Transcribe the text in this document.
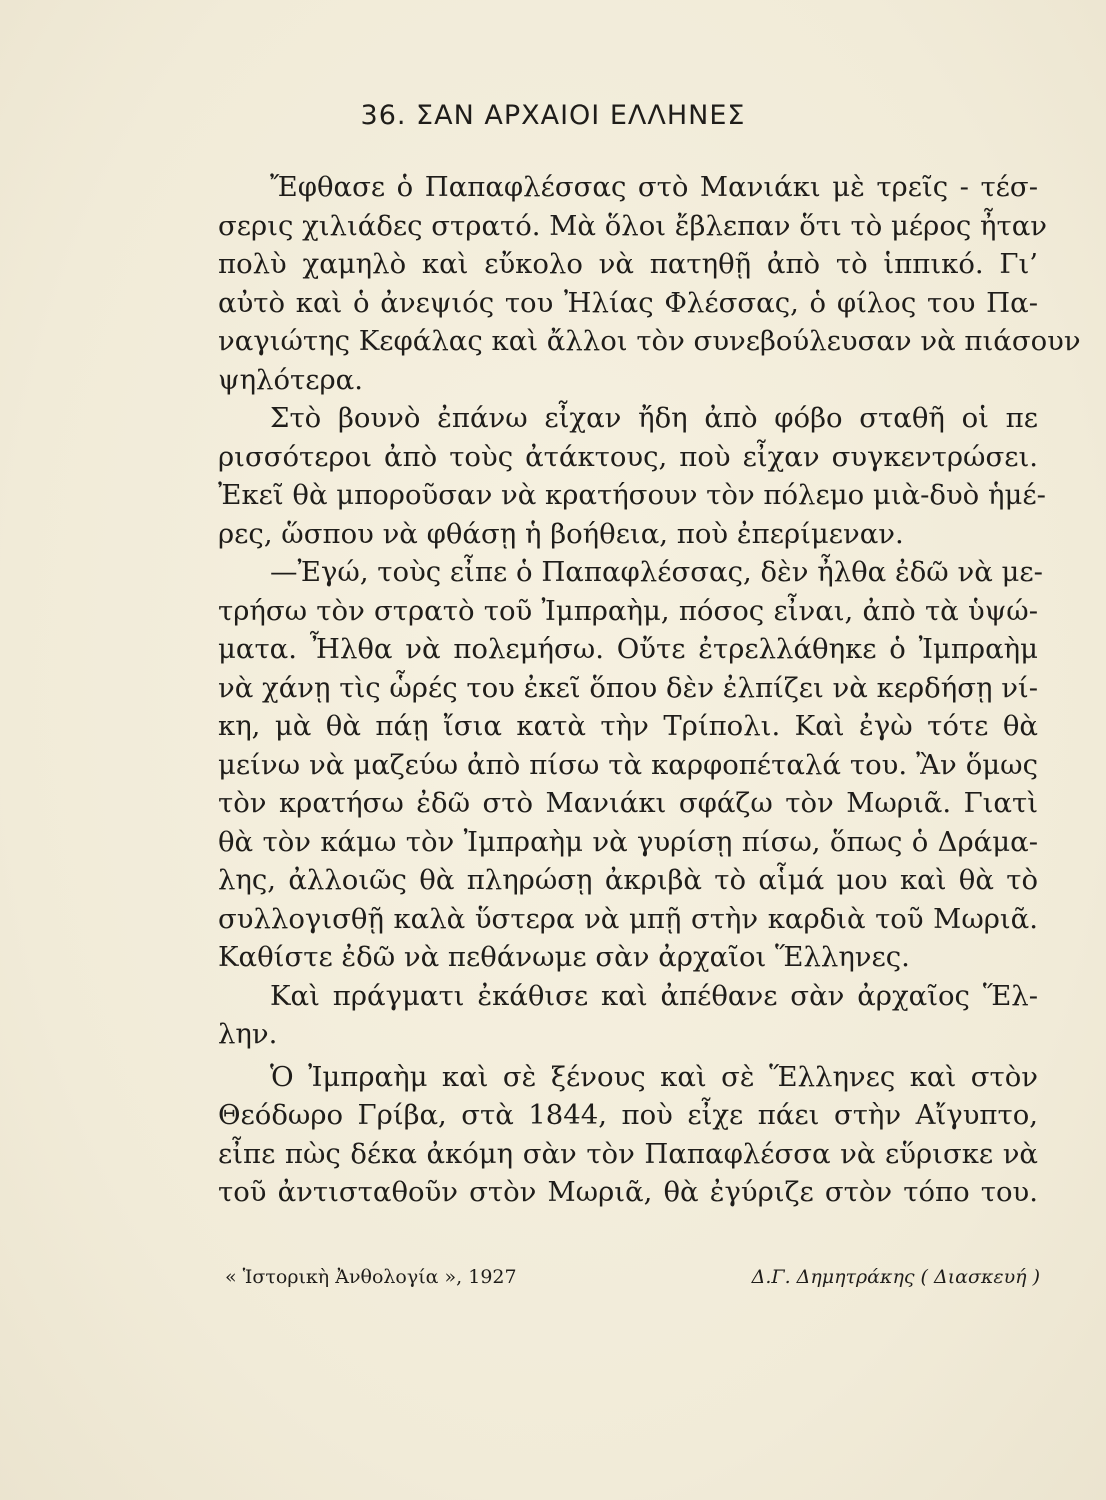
36. ΣΑΝ ΑΡΧΑΙΟΙ ΕΛΛΗΝΕΣ

Ἔφθασε ὁ Παπαφλέσσας στὸ Μανιάκι μὲ τρεῖς - τέσ-
σερις χιλιάδες στρατό. Μὰ ὅλοι ἔβλεπαν ὅτι τὸ μέρος ἦταν
πολὺ χαμηλὸ καὶ εὔκολο νὰ πατηθῇ ἀπὸ τὸ ἱππικό. Γι’
αὐτὸ καὶ ὁ ἀνεψιός του Ἠλίας Φλέσσας, ὁ φίλος του Πα-
ναγιώτης Κεφάλας καὶ ἄλλοι τὸν συνεβούλευσαν νὰ πιάσουν
ψηλότερα.

Στὸ βουνὸ ἐπάνω εἶχαν ἤδη ἀπὸ φόβο σταθῆ οἱ πε
ρισσότεροι ἀπὸ τοὺς ἀτάκτους, ποὺ εἶχαν συγκεντρώσει.
Ἐκεῖ θὰ μποροῦσαν νὰ κρατήσουν τὸν πόλεμο μιὰ-δυὸ ἡμέ-
ρες, ὥσπου νὰ φθάσῃ ἡ βοήθεια, ποὺ ἐπερίμεναν.

—Ἐγώ, τοὺς εἶπε ὁ Παπαφλέσσας, δὲν ἦλθα ἐδῶ νὰ με-
τρήσω τὸν στρατὸ τοῦ Ἰμπραὴμ, πόσος εἶναι, ἀπὸ τὰ ὑψώ-
ματα. Ἦλθα νὰ πολεμήσω. Οὔτε ἐτρελλάθηκε ὁ Ἰμπραὴμ
νὰ χάνῃ τὶς ὧρές του ἐκεῖ ὅπου δὲν ἐλπίζει νὰ κερδήσῃ νί-
κη, μὰ θὰ πάῃ ἴσια κατὰ τὴν Τρίπολι. Καὶ ἐγὼ τότε θὰ
μείνω νὰ μαζεύω ἀπὸ πίσω τὰ καρφοπέταλά του. Ἂν ὅμως
τὸν κρατήσω ἐδῶ στὸ Μανιάκι σφάζω τὸν Μωριᾶ. Γιατὶ
θὰ τὸν κάμω τὸν Ἰμπραὴμ νὰ γυρίσῃ πίσω, ὅπως ὁ Δράμα-
λης, ἀλλοιῶς θὰ πληρώσῃ ἀκριβὰ τὸ αἷμά μου καὶ θὰ τὸ
συλλογισθῇ καλὰ ὕστερα νὰ μπῇ στὴν καρδιὰ τοῦ Μωριᾶ.
Καθίστε ἐδῶ νὰ πεθάνωμε σὰν ἀρχαῖοι Ἕλληνες.

Καὶ πράγματι ἐκάθισε καὶ ἀπέθανε σὰν ἀρχαῖος Ἕλ-
λην.

Ὁ Ἰμπραὴμ καὶ σὲ ξένους καὶ σὲ Ἕλληνες καὶ στὸν
Θεόδωρο Γρίβα, στὰ 1844, ποὺ εἶχε πάει στὴν Αἴγυπτο,
εἶπε πὼς δέκα ἀκόμη σὰν τὸν Παπαφλέσσα νὰ εὕρισκε νὰ
τοῦ ἀντισταθοῦν στὸν Μωριᾶ, θὰ ἐγύριζε στὸν τόπο του.

« Ἱστορικὴ Ἀνθολογία », 1927	Δ.Γ. Δημητράκης ( Διασκευή )
